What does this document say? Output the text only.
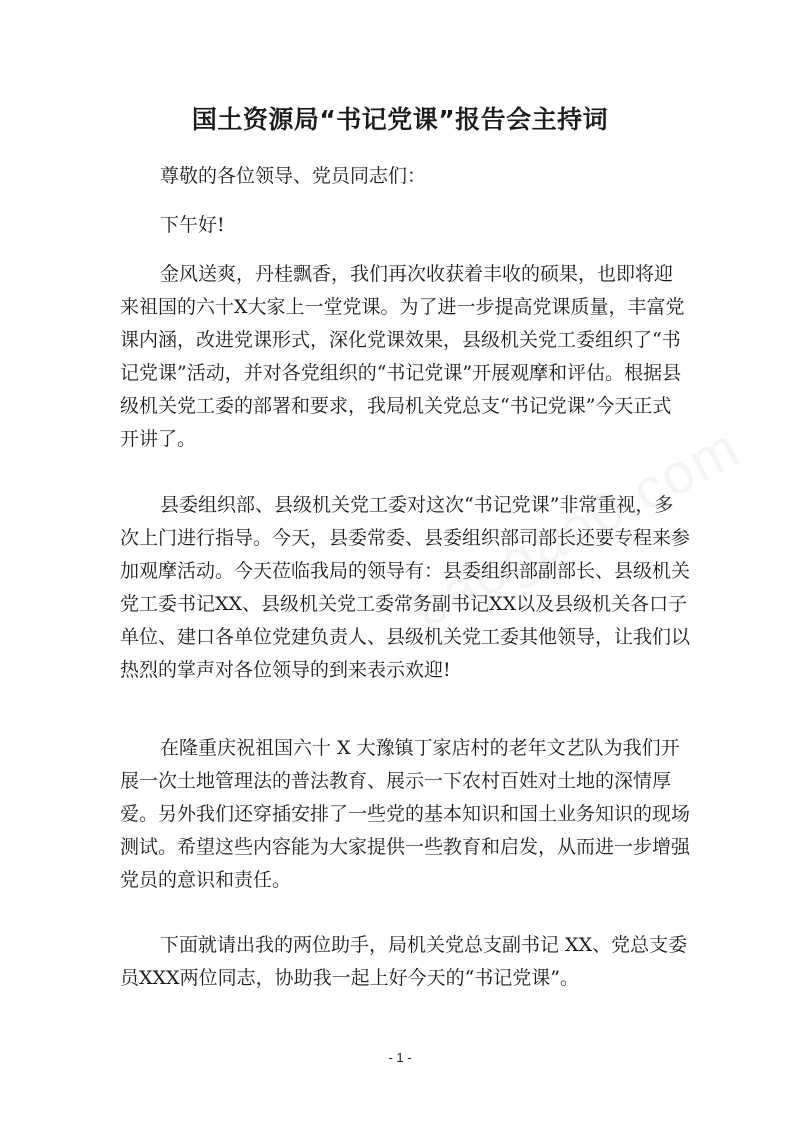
国土资源局“书记党课”报告会主持词

尊敬的各位领导、党员同志们：

下午好!

金风送爽，丹桂飘香，我们再次收获着丰收的硕果，也即将迎来祖国的六十X大家上一堂党课。为了进一步提高党课质量，丰富党课内涵，改进党课形式，深化党课效果，县级机关党工委组织了“书记党课”活动，并对各党组织的“书记党课”开展观摩和评估。根据县级机关党工委的部署和要求，我局机关党总支“书记党课”今天正式开讲了。

县委组织部、县级机关党工委对这次“书记党课”非常重视，多次上门进行指导。今天，县委常委、县委组织部司部长还要专程来参加观摩活动。今天莅临我局的领导有：县委组织部副部长、县级机关党工委书记XX、县级机关党工委常务副书记XX以及县级机关各口子单位、建口各单位党建负责人、县级机关党工委其他领导，让我们以热烈的掌声对各位领导的到来表示欢迎!

在隆重庆祝祖国六十 X 大豫镇丁家店村的老年文艺队为我们开展一次土地管理法的普法教育、展示一下农村百姓对土地的深情厚爱。另外我们还穿插安排了一些党的基本知识和国土业务知识的现场测试。希望这些内容能为大家提供一些教育和启发，从而进一步增强党员的意识和责任。

下面就请出我的两位助手，局机关党总支副书记 XX、党总支委员XXX两位同志，协助我一起上好今天的“书记党课”。

- 1 -
